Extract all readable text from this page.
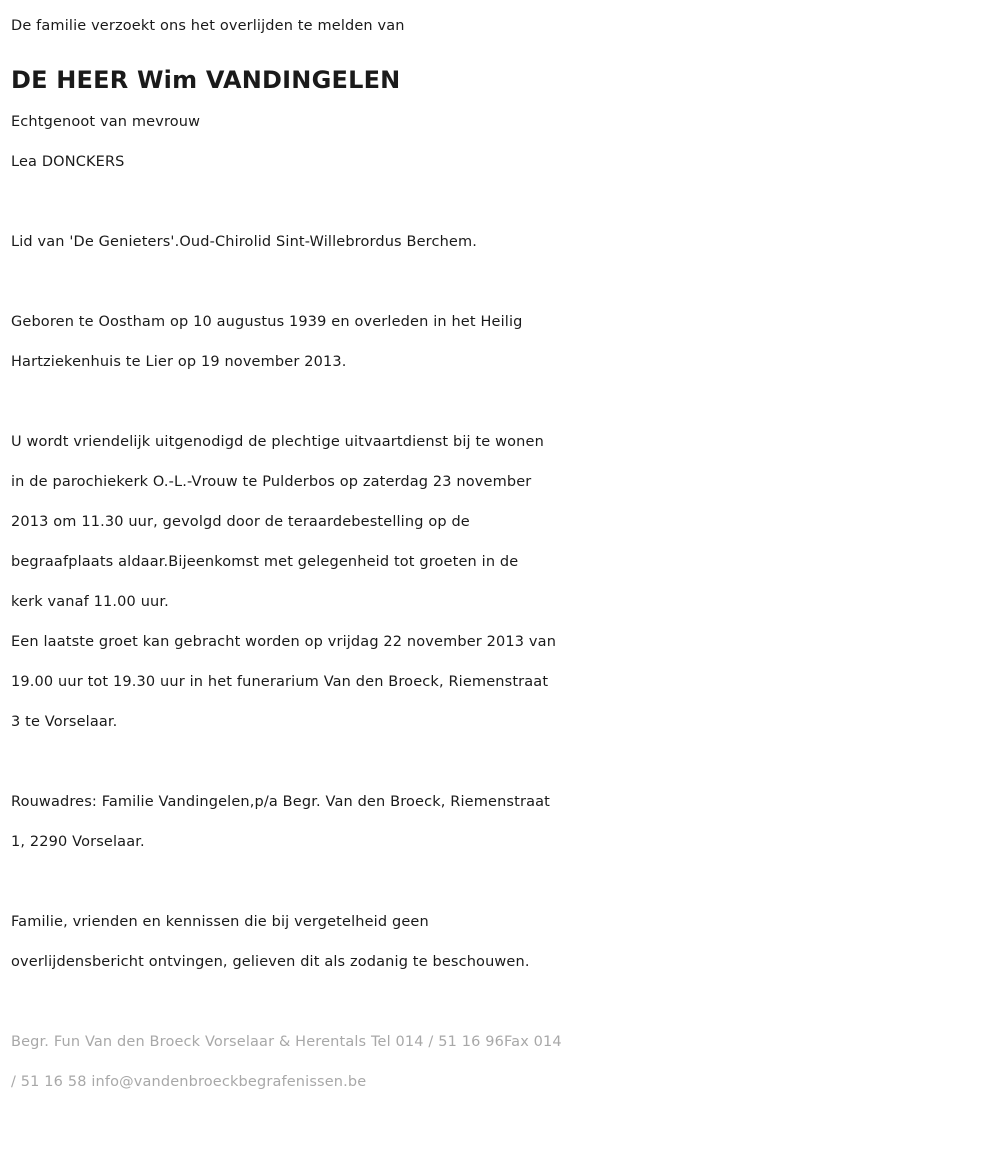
De familie verzoekt ons het overlijden te melden van
DE HEER Wim VANDINGELEN
Echtgenoot van mevrouw
Lea DONCKERS
Lid van 'De Genieters'.Oud-Chirolid Sint-Willebrordus Berchem.
Geboren te Oostham op 10 augustus 1939 en overleden in het Heilig
Hartziekenhuis te Lier op 19 november 2013.
U wordt vriendelijk uitgenodigd de plechtige uitvaartdienst bij te wonen
in de parochiekerk O.-L.-Vrouw te Pulderbos op zaterdag 23 november
2013 om 11.30 uur, gevolgd door de teraardebestelling op de
begraafplaats aldaar.Bijeenkomst met gelegenheid tot groeten in de
kerk vanaf 11.00 uur.
Een laatste groet kan gebracht worden op vrijdag 22 november 2013 van
19.00 uur tot 19.30 uur in het funerarium Van den Broeck, Riemenstraat
3 te Vorselaar.
Rouwadres: Familie Vandingelen,p/a Begr. Van den Broeck, Riemenstraat
1, 2290 Vorselaar.
Familie, vrienden en kennissen die bij vergetelheid geen
overlijdensbericht ontvingen, gelieven dit als zodanig te beschouwen.
Begr. Fun Van den Broeck Vorselaar & Herentals Tel 014 / 51 16 96Fax 014
/ 51 16 58 info@vandenbroeckbegrafenissen.be
